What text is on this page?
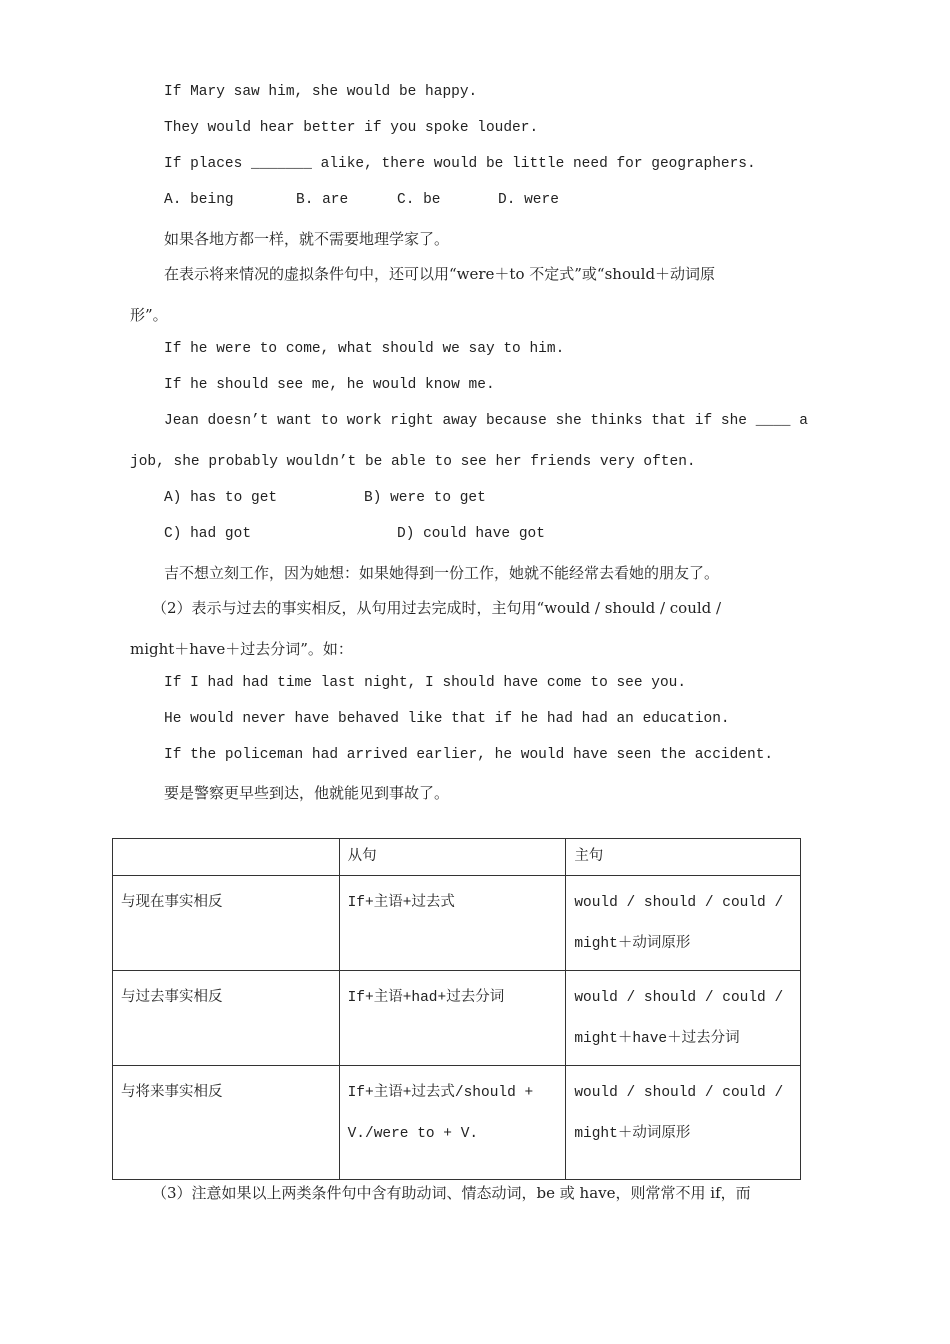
If Mary saw him, she would be happy.
They would hear better if you spoke louder.
If places _______ alike, there would be little need for geographers.
A. being	B. are	C. be	D. were
如果各地方都一样，就不需要地理学家了。
在表示将来情况的虚拟条件句中，还可以用“were＋to 不定式”或“should＋动词原
形”。
If he were to come, what should we say to him.
If he should see me, he would know me.
Jean doesn’t want to work right away because she thinks that if she ____ a
job, she probably wouldn’t be able to see her friends very often.
A) has to get	B) were to get
C) had got	D) could have got
吉不想立刻工作，因为她想：如果她得到一份工作，她就不能经常去看她的朋友了。
（2）表示与过去的事实相反，从句用过去完成时，主句用“would / should / could /
might＋have＋过去分词”。如：
If I had had time last night, I should have come to see you.
He would never have behaved like that if he had had an education.
If the policeman had arrived earlier, he would have seen the accident.
要是警察更早些到达，他就能见到事故了。
	从句	主句
与现在事实相反	If+主语+过去式	would / should / could / might＋动词原形
与过去事实相反	If+主语+had+过去分词	would / should / could / might＋have＋过去分词
与将来事实相反	If+主语+过去式/should + V./were to + V.	would / should / could / might＋动词原形
（3）注意如果以上两类条件句中含有助动词、情态动词，be 或 have，则常常不用 if，而
